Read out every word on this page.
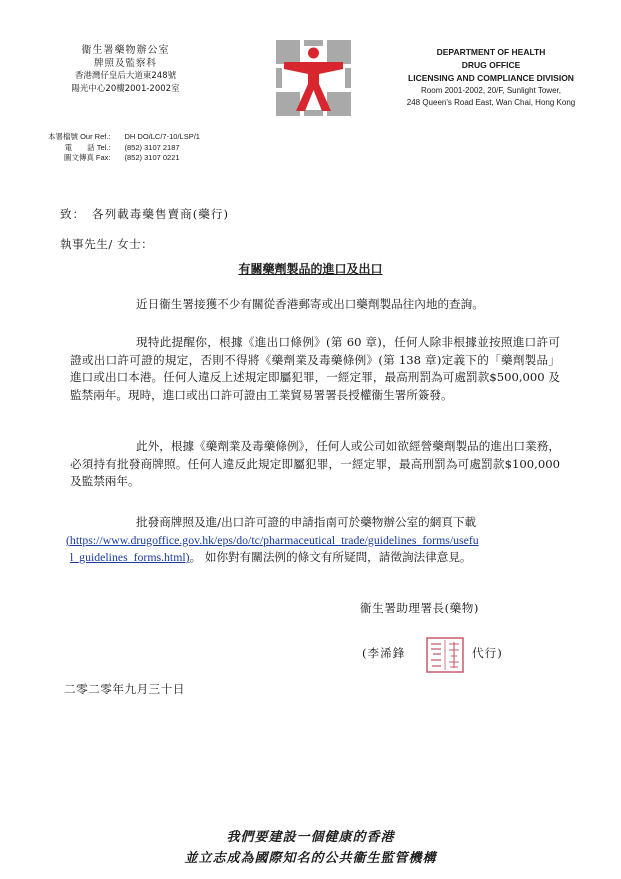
衞生署藥物辦公室
牌照及監察科
香港灣仔皇后大道東248號
陽光中心20樓2001-2002室
DEPARTMENT OF HEALTH
DRUG OFFICE
LICENSING AND COMPLIANCE DIVISION
Room 2001-2002, 20/F, Sunlight Tower,
248 Queen's Road East, Wan Chai, Hong Kong
本署檔號 Our Ref.:	DH DO/LC/7-10/LSP/1
電　　話 Tel.:	(852) 3107 2187
圖文傳真 Fax:	(852) 3107 0221
致：　各列載毒藥售賣商(藥行)
執事先生/ 女士：
有關藥劑製品的進口及出口
近日衞生署接獲不少有關從香港郵寄或出口藥劑製品往內地的查詢。
現特此提醒你，根據《進出口條例》(第 60 章)，任何人除非根據並按照進口許可證或出口許可證的規定，否則不得將《藥劑業及毒藥條例》(第 138 章)定義下的「藥劑製品」進口或出口本港。任何人違反上述規定即屬犯罪，一經定罪，最高刑罰為可處罰款$500,000 及監禁兩年。現時，進口或出口許可證由工業貿易署署長授權衞生署所簽發。
此外，根據《藥劑業及毒藥條例》，任何人或公司如欲經營藥劑製品的進出口業務，必須持有批發商牌照。任何人違反此規定即屬犯罪，一經定罪，最高刑罰為可處罰款$100,000 及監禁兩年。
批發商牌照及進/出口許可證的申請指南可於藥物辦公室的網頁下載
(https://www.drugoffice.gov.hk/eps/do/tc/pharmaceutical_trade/guidelines_forms/usefu
l_guidelines_forms.html)。 如你對有關法例的條文有所疑問，請徵詢法律意見。
衞生署助理署長(藥物)
(李浠鋒	代行)
二零二零年九月三十日
我們要建設一個健康的香港
並立志成為國際知名的公共衞生監管機構
